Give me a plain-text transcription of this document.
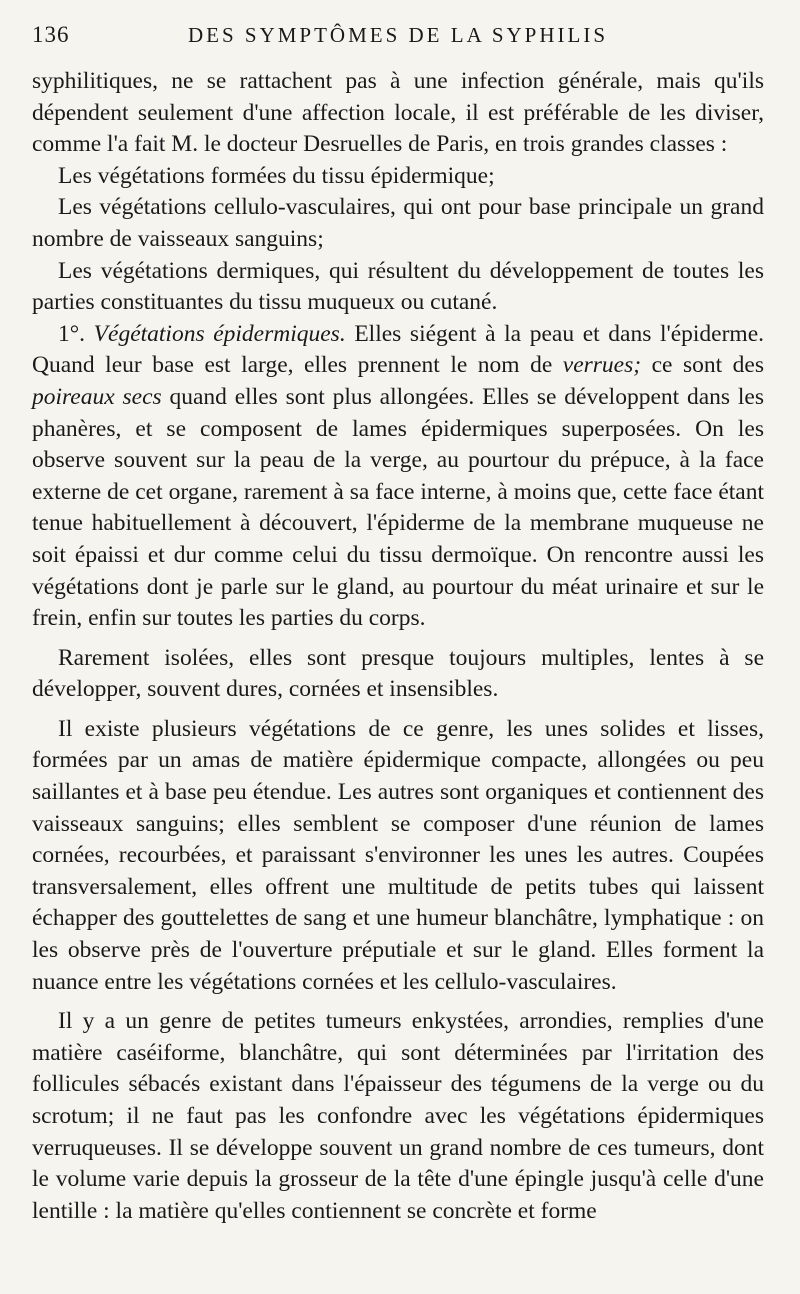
136	DES SYMPTÔMES DE LA SYPHILIS

syphilitiques, ne se rattachent pas à une infection générale, mais qu'ils dépendent seulement d'une affection locale, il est préférable de les diviser, comme l'a fait M. le docteur Desruelles de Paris, en trois grandes classes :

Les végétations formées du tissu épidermique;

Les végétations cellulo-vasculaires, qui ont pour base principale un grand nombre de vaisseaux sanguins;

Les végétations dermiques, qui résultent du développement de toutes les parties constituantes du tissu muqueux ou cutané.

1°. Végétations épidermiques. Elles siégent à la peau et dans l'épiderme. Quand leur base est large, elles prennent le nom de verrues; ce sont des poireaux secs quand elles sont plus allongées. Elles se développent dans les phanères, et se composent de lames épidermiques superposées. On les observe souvent sur la peau de la verge, au pourtour du prépuce, à la face externe de cet organe, rarement à sa face interne, à moins que, cette face étant tenue habituellement à découvert, l'épiderme de la membrane muqueuse ne soit épaissi et dur comme celui du tissu dermoïque. On rencontre aussi les végétations dont je parle sur le gland, au pourtour du méat urinaire et sur le frein, enfin sur toutes les parties du corps.

Rarement isolées, elles sont presque toujours multiples, lentes à se développer, souvent dures, cornées et insensibles.

Il existe plusieurs végétations de ce genre, les unes solides et lisses, formées par un amas de matière épidermique compacte, allongées ou peu saillantes et à base peu étendue. Les autres sont organiques et contiennent des vaisseaux sanguins; elles semblent se composer d'une réunion de lames cornées, recourbées, et paraissant s'environner les unes les autres. Coupées transversalement, elles offrent une multitude de petits tubes qui laissent échapper des gouttelettes de sang et une humeur blanchâtre, lymphatique : on les observe près de l'ouverture préputiale et sur le gland. Elles forment la nuance entre les végétations cornées et les cellulo-vasculaires.

Il y a un genre de petites tumeurs enkystées, arrondies, remplies d'une matière caséiforme, blanchâtre, qui sont déterminées par l'irritation des follicules sébacés existant dans l'épaisseur des tégumens de la verge ou du scrotum; il ne faut pas les confondre avec les végétations épidermiques verruqueuses. Il se développe souvent un grand nombre de ces tumeurs, dont le volume varie depuis la grosseur de la tête d'une épingle jusqu'à celle d'une lentille : la matière qu'elles contiennent se concrète et forme
